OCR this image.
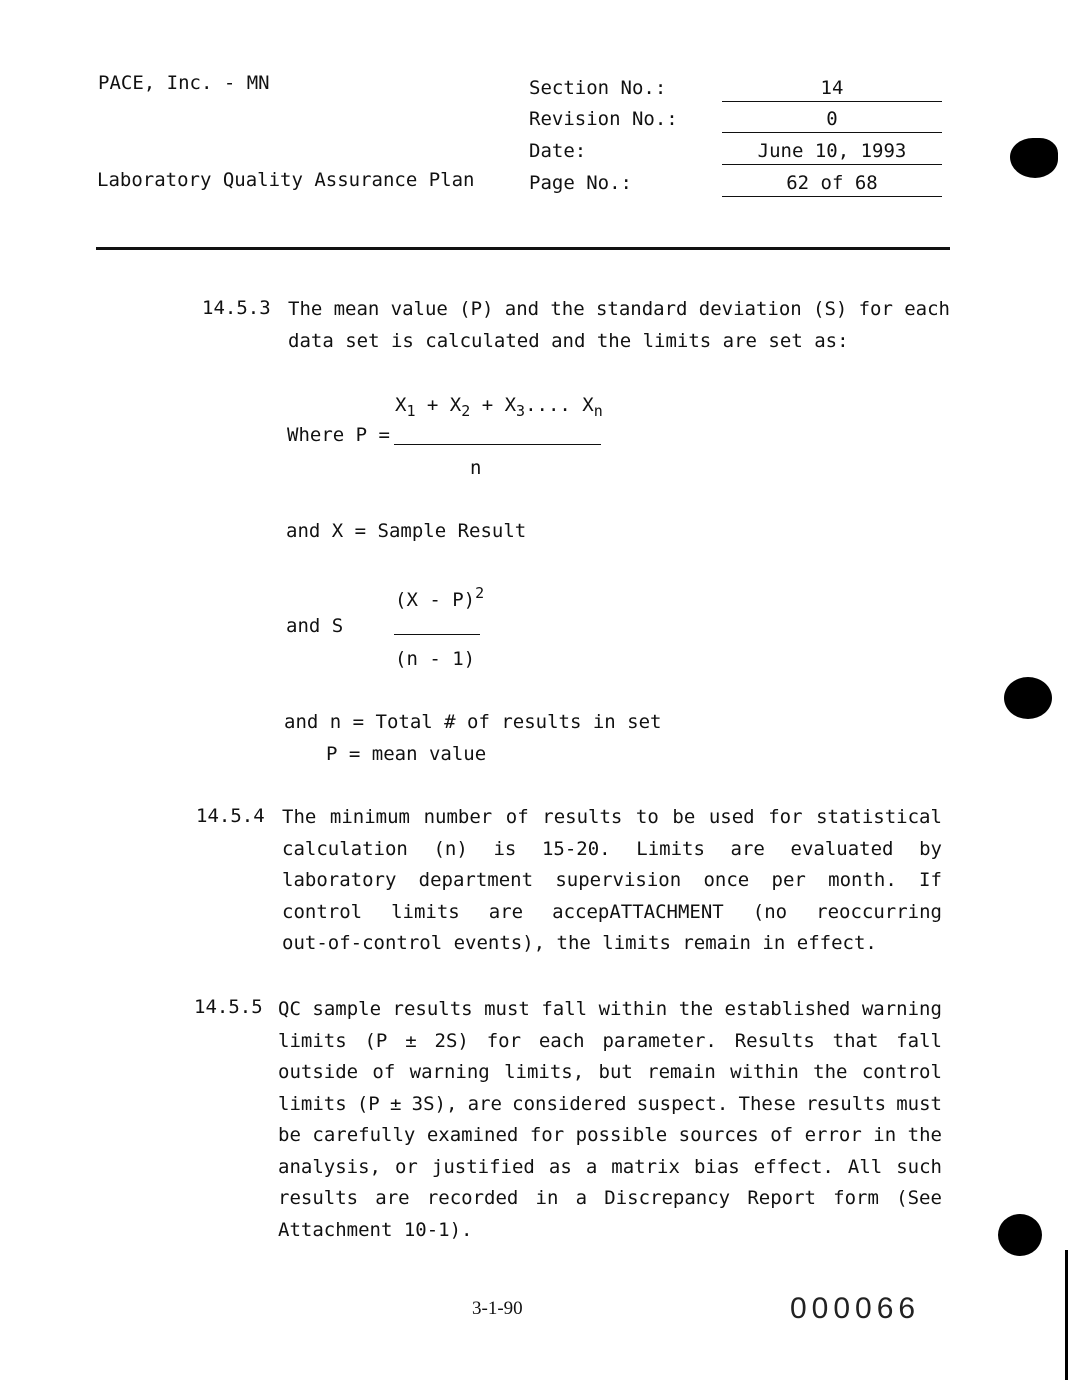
PACE, Inc. - MN
Laboratory Quality Assurance Plan
Section No.:	14
Revision No.:	0
Date:	June 10, 1993
Page No.:	62 of 68
14.5.3 The mean value (P) and the standard deviation (S) for each
data set is calculated and the limits are set as:
$X_1 + X_2 + X_3$.... $X_n$
Where P =
n
and X = Sample Result
(X - P)$^2$
and S
(n - 1)
and n = Total # of results in set
P = mean value
14.5.4 The minimum number of results to be used for statistical
calculation (n) is 15-20. Limits are evaluated by
laboratory department supervision once per month. If
control limits are accepATTACHMENT (no reoccurring
out-of-control events), the limits remain in effect.
14.5.5 QC sample results must fall within the established warning
limits (P ± 2S) for each parameter. Results that fall
outside of warning limits, but remain within the control
limits (P ± 3S), are considered suspect. These results must
be carefully examined for possible sources of error in the
analysis, or justified as a matrix bias effect. All such
results are recorded in a Discrepancy Report form (See
Attachment 10-1).
3-1-90	000066
